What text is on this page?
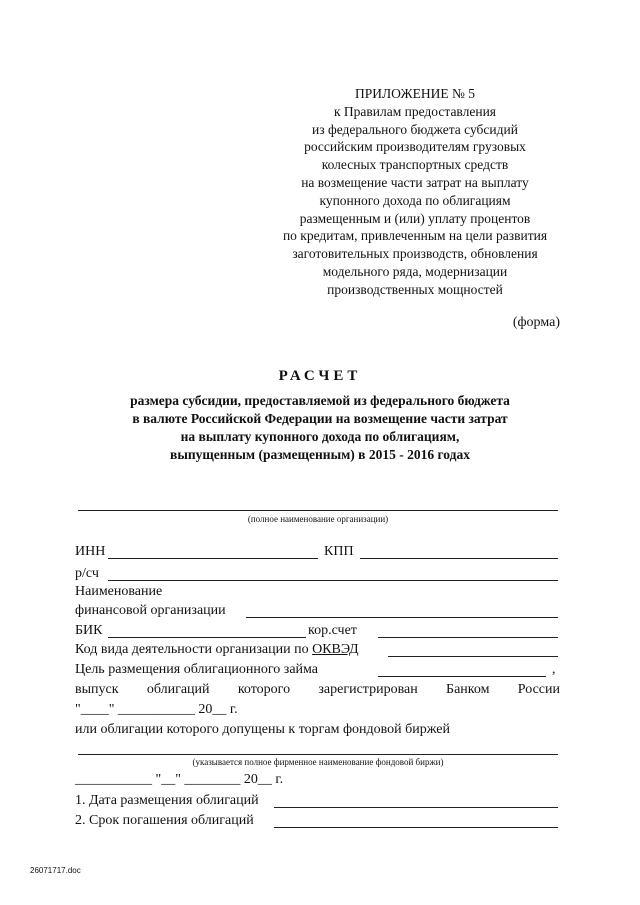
ПРИЛОЖЕНИЕ № 5
к Правилам предоставления
из федерального бюджета субсидий
российским производителям грузовых
колесных транспортных средств
на возмещение части затрат на выплату
купонного дохода по облигациям
размещенным и (или) уплату процентов
по кредитам, привлеченным на цели развития
заготовительных производств, обновления
модельного ряда, модернизации
производственных мощностей
(форма)
РАСЧЕТ
размера субсидии, предоставляемой из федерального бюджета
в валюте Российской Федерации на возмещение части затрат
на выплату купонного дохода по облигациям,
выпущенным (размещенным) в 2015 - 2016 годах
(полное наименование организации)
ИНН	КПП
р/сч
Наименование
финансовой организации
БИК	кор.счет
Код вида деятельности организации по ОКВЭД
Цель размещения облигационного займа	,
выпуск облигаций которого зарегистрирован Банком России
"____" ___________ 20__ г.
или облигации которого допущены к торгам фондовой биржей
(указывается полное фирменное наименование фондовой биржи)
___________ "__" ________ 20__ г.
1. Дата размещения облигаций
2. Срок погашения облигаций
26071717.doc
